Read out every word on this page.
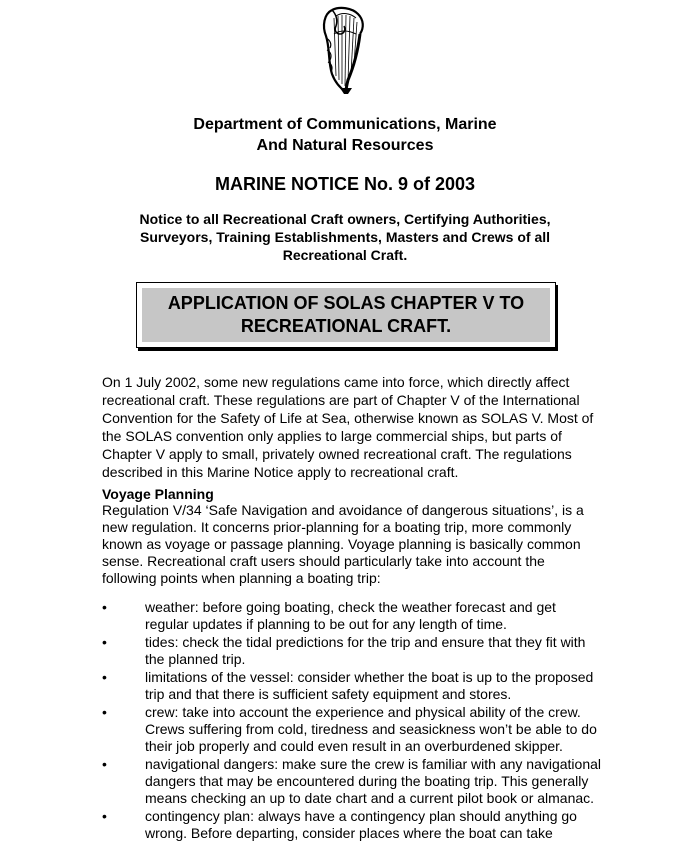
Department of Communications, Marine
And Natural Resources
MARINE NOTICE No. 9 of 2003
Notice to all Recreational Craft owners, Certifying Authorities, Surveyors, Training Establishments, Masters and Crews of all Recreational Craft.
APPLICATION OF SOLAS CHAPTER V TO RECREATIONAL CRAFT.

On 1 July 2002, some new regulations came into force, which directly affect recreational craft. These regulations are part of Chapter V of the International Convention for the Safety of Life at Sea, otherwise known as SOLAS V. Most of the SOLAS convention only applies to large commercial ships, but parts of Chapter V apply to small, privately owned recreational craft. The regulations described in this Marine Notice apply to recreational craft.

Voyage Planning

Regulation V/34 ‘Safe Navigation and avoidance of dangerous situations’, is a new regulation. It concerns prior-planning for a boating trip, more commonly known as voyage or passage planning. Voyage planning is basically common sense. Recreational craft users should particularly take into account the following points when planning a boating trip:

•	weather: before going boating, check the weather forecast and get regular updates if planning to be out for any length of time.
•	tides: check the tidal predictions for the trip and ensure that they fit with the planned trip.
•	limitations of the vessel: consider whether the boat is up to the proposed trip and that there is sufficient safety equipment and stores.
•	crew: take into account the experience and physical ability of the crew. Crews suffering from cold, tiredness and seasickness won’t be able to do their job properly and could even result in an overburdened skipper.
•	navigational dangers: make sure the crew is familiar with any navigational dangers that may be encountered during the boating trip. This generally means checking an up to date chart and a current pilot book or almanac.
•	contingency plan: always have a contingency plan should anything go wrong. Before departing, consider places where the boat can take
